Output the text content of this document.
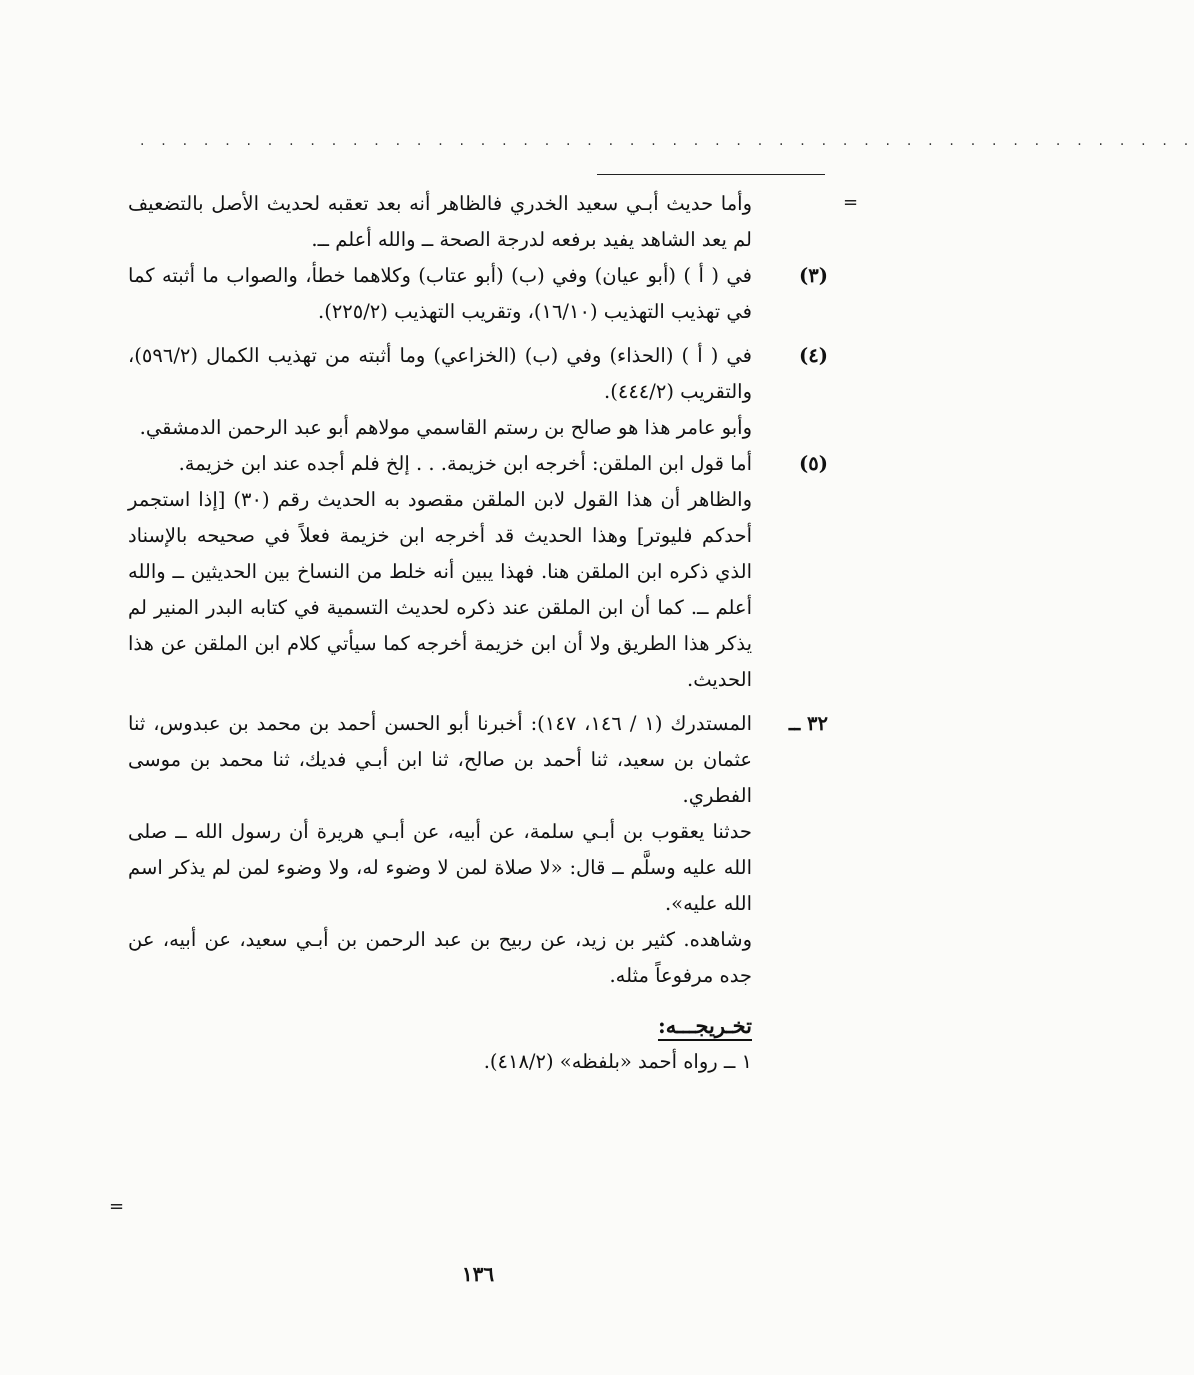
. . . . . . . . . . . . . . . . . . . . . . . . . . . . . . . . . . . . . . . . . . . . . . . . . .
=
=

وأما حديث أبـي سعيد الخدري فالظاهر أنه بعد تعقبه لحديث الأصل بالتضعيف لم يعد الشاهد يفيد برفعه لدرجة الصحة ــ والله أعلم ــ.

(٣)

في ( أ ) (أبو عيان) وفي (ب) (أبو عتاب) وكلاهما خطأ، والصواب ما أثبته كما في تهذيب التهذيب (١٦/١٠)، وتقريب التهذيب (٢٢٥/٢).

(٤)

في ( أ ) (الحذاء) وفي (ب) (الخزاعي) وما أثبته من تهذيب الكمال (٥٩٦/٢)، والتقريب (٤٤٤/٢).

وأبو عامر هذا هو صالح بن رستم القاسمي مولاهم أبو عبد الرحمن الدمشقي.

(٥)

أما قول ابن الملقن: أخرجه ابن خزيمة. . . إلخ فلم أجده عند ابن خزيمة.

والظاهر أن هذا القول لابن الملقن مقصود به الحديث رقم (٣٠) [إذا استجمر أحدكم فليوتر] وهذا الحديث قد أخرجه ابن خزيمة فعلاً في صحيحه بالإسناد الذي ذكره ابن الملقن هنا. فهذا يبين أنه خلط من النساخ بين الحديثين ــ والله أعلم ــ. كما أن ابن الملقن عند ذكره لحديث التسمية في كتابه البدر المنير لم يذكر هذا الطريق ولا أن ابن خزيمة أخرجه كما سيأتي كلام ابن الملقن عن هذا الحديث.

٣٢ ــ

المستدرك (١ / ١٤٦، ١٤٧): أخبرنا أبو الحسن أحمد بن محمد بن عبدوس، ثنا عثمان بن سعيد، ثنا أحمد بن صالح، ثنا ابن أبـي فديك، ثنا محمد بن موسى الفطري.

حدثنا يعقوب بن أبـي سلمة، عن أبيه، عن أبـي هريرة أن رسول الله ــ صلى الله عليه وسلَّم ــ قال: «لا صلاة لمن لا وضوء له، ولا وضوء لمن لم يذكر اسم الله عليه».

وشاهده. كثير بن زيد، عن ربيح بن عبد الرحمن بن أبـي سعيد، عن أبيه، عن جده مرفوعاً مثله.

تخـريجـــه:

١ ــ رواه أحمد «بلفظه» (٤١٨/٢).

١٣٦
